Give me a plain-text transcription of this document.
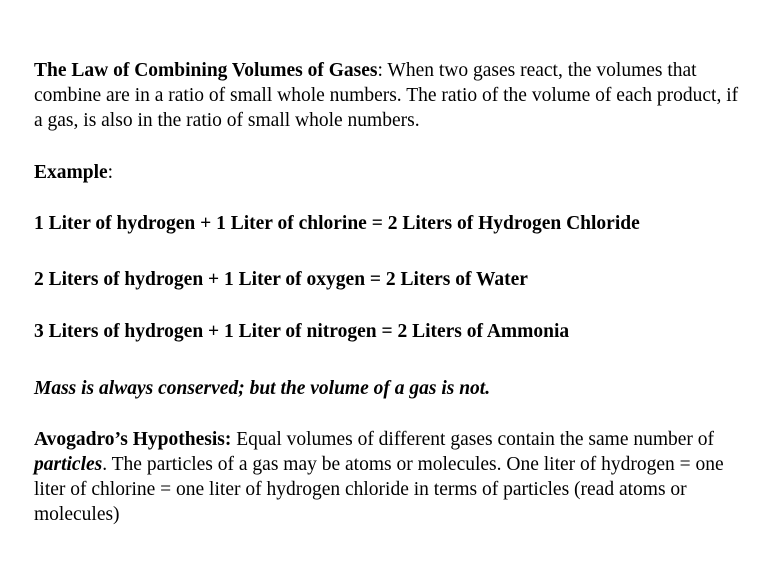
The Law of Combining Volumes of Gases: When two gases react, the volumes that combine are in a ratio of small whole numbers. The ratio of the volume of each product, if a gas, is also in the ratio of small whole numbers.

Example:

1 Liter of hydrogen + 1 Liter of chlorine = 2 Liters of Hydrogen Chloride

2 Liters of hydrogen + 1 Liter of oxygen = 2 Liters of Water

3 Liters of hydrogen + 1 Liter of nitrogen = 2 Liters of Ammonia

Mass is always conserved; but the volume of a gas is not.

Avogadro’s Hypothesis: Equal volumes of different gases contain the same number of particles. The particles of a gas may be atoms or molecules. One liter of hydrogen = one liter of chlorine = one liter of hydrogen chloride in terms of particles (read atoms or molecules)
